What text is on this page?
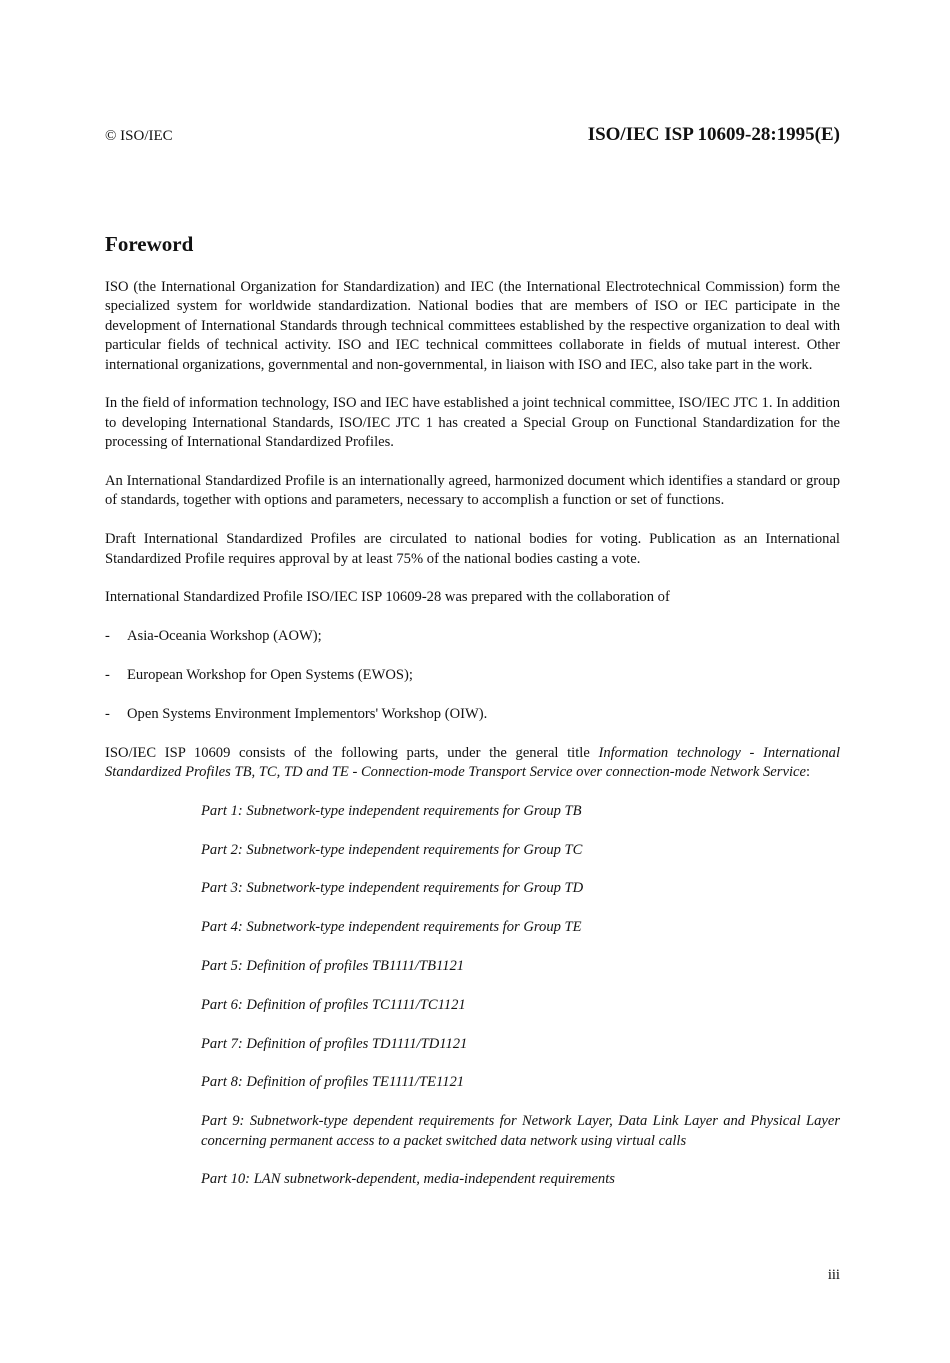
© ISO/IEC	ISO/IEC ISP 10609-28:1995(E)
Foreword

ISO (the International Organization for Standardization) and IEC (the International Electrotechnical Commission) form the specialized system for worldwide standardization. National bodies that are members of ISO or IEC participate in the development of International Standards through technical committees established by the respective organization to deal with particular fields of technical activity. ISO and IEC technical committees collaborate in fields of mutual interest. Other international organizations, governmental and non-governmental, in liaison with ISO and IEC, also take part in the work.

In the field of information technology, ISO and IEC have established a joint technical committee, ISO/IEC JTC 1. In addition to developing International Standards, ISO/IEC JTC 1 has created a Special Group on Functional Standardization for the processing of International Standardized Profiles.

An International Standardized Profile is an internationally agreed, harmonized document which identifies a standard or group of standards, together with options and parameters, necessary to accomplish a function or set of functions.

Draft International Standardized Profiles are circulated to national bodies for voting. Publication as an International Standardized Profile requires approval by at least 75% of the national bodies casting a vote.

International Standardized Profile ISO/IEC ISP 10609-28 was prepared with the collaboration of

- Asia-Oceania Workshop (AOW);
- European Workshop for Open Systems (EWOS);
- Open Systems Environment Implementors' Workshop (OIW).

ISO/IEC ISP 10609 consists of the following parts, under the general title Information technology - International Standardized Profiles TB, TC, TD and TE - Connection-mode Transport Service over connection-mode Network Service:

Part 1: Subnetwork-type independent requirements for Group TB
Part 2: Subnetwork-type independent requirements for Group TC
Part 3: Subnetwork-type independent requirements for Group TD
Part 4: Subnetwork-type independent requirements for Group TE
Part 5: Definition of profiles TB1111/TB1121
Part 6: Definition of profiles TC1111/TC1121
Part 7: Definition of profiles TD1111/TD1121
Part 8: Definition of profiles TE1111/TE1121
Part 9: Subnetwork-type dependent requirements for Network Layer, Data Link Layer and Physical Layer concerning permanent access to a packet switched data network using virtual calls
Part 10: LAN subnetwork-dependent, media-independent requirements
iii
